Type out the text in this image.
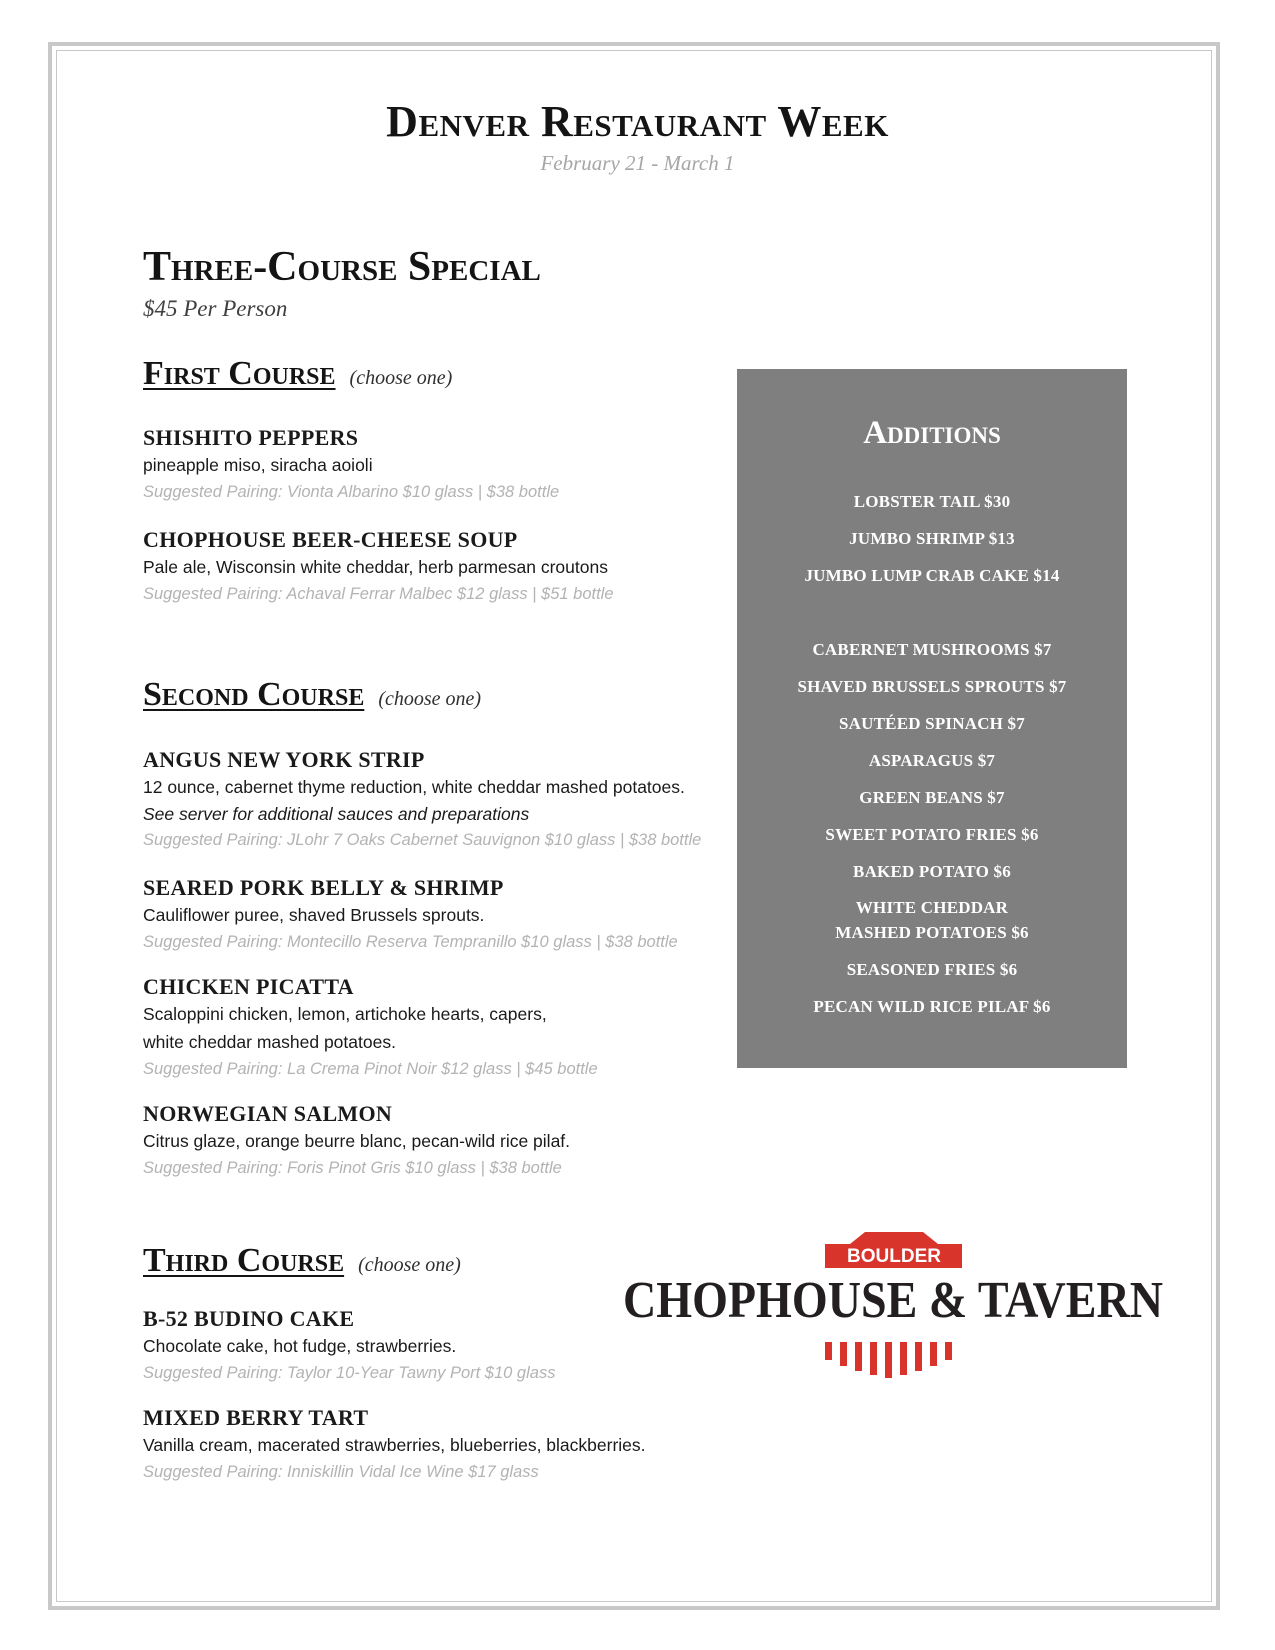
Denver Restaurant Week
February 21 - March 1
Three-Course Special
$45 Per Person
First Course (choose one)
SHISHITO PEPPERS
pineapple miso, siracha aoioli
Suggested Pairing: Vionta Albarino $10 glass | $38 bottle
CHOPHOUSE BEER-CHEESE SOUP
Pale ale, Wisconsin white cheddar, herb parmesan croutons
Suggested Pairing: Achaval Ferrar Malbec $12 glass | $51 bottle
Second Course (choose one)
ANGUS NEW YORK STRIP
12 ounce, cabernet thyme reduction, white cheddar mashed potatoes.
See server for additional sauces and preparations
Suggested Pairing: JLohr 7 Oaks Cabernet Sauvignon $10 glass | $38 bottle
SEARED PORK BELLY & SHRIMP
Cauliflower puree, shaved Brussels sprouts.
Suggested Pairing: Montecillo Reserva Tempranillo $10 glass | $38 bottle
CHICKEN PICATTA
Scaloppini chicken, lemon, artichoke hearts, capers,
white cheddar mashed potatoes.
Suggested Pairing: La Crema Pinot Noir $12 glass | $45 bottle
NORWEGIAN SALMON
Citrus glaze, orange beurre blanc, pecan-wild rice pilaf.
Suggested Pairing: Foris Pinot Gris $10 glass | $38 bottle
Third Course (choose one)
B-52 BUDINO CAKE
Chocolate cake, hot fudge, strawberries.
Suggested Pairing: Taylor 10-Year Tawny Port $10 glass
MIXED BERRY TART
Vanilla cream, macerated strawberries, blueberries, blackberries.
Suggested Pairing: Inniskillin Vidal Ice Wine $17 glass
Additions
LOBSTER TAIL $30
JUMBO SHRIMP $13
JUMBO LUMP CRAB CAKE $14
CABERNET MUSHROOMS $7
SHAVED BRUSSELS SPROUTS $7
SAUTÉED SPINACH $7
ASPARAGUS $7
GREEN BEANS $7
SWEET POTATO FRIES $6
BAKED POTATO $6
WHITE CHEDDAR
MASHED POTATOES $6
SEASONED FRIES $6
PECAN WILD RICE PILAF $6
BOULDER
CHOPHOUSE & TAVERN
